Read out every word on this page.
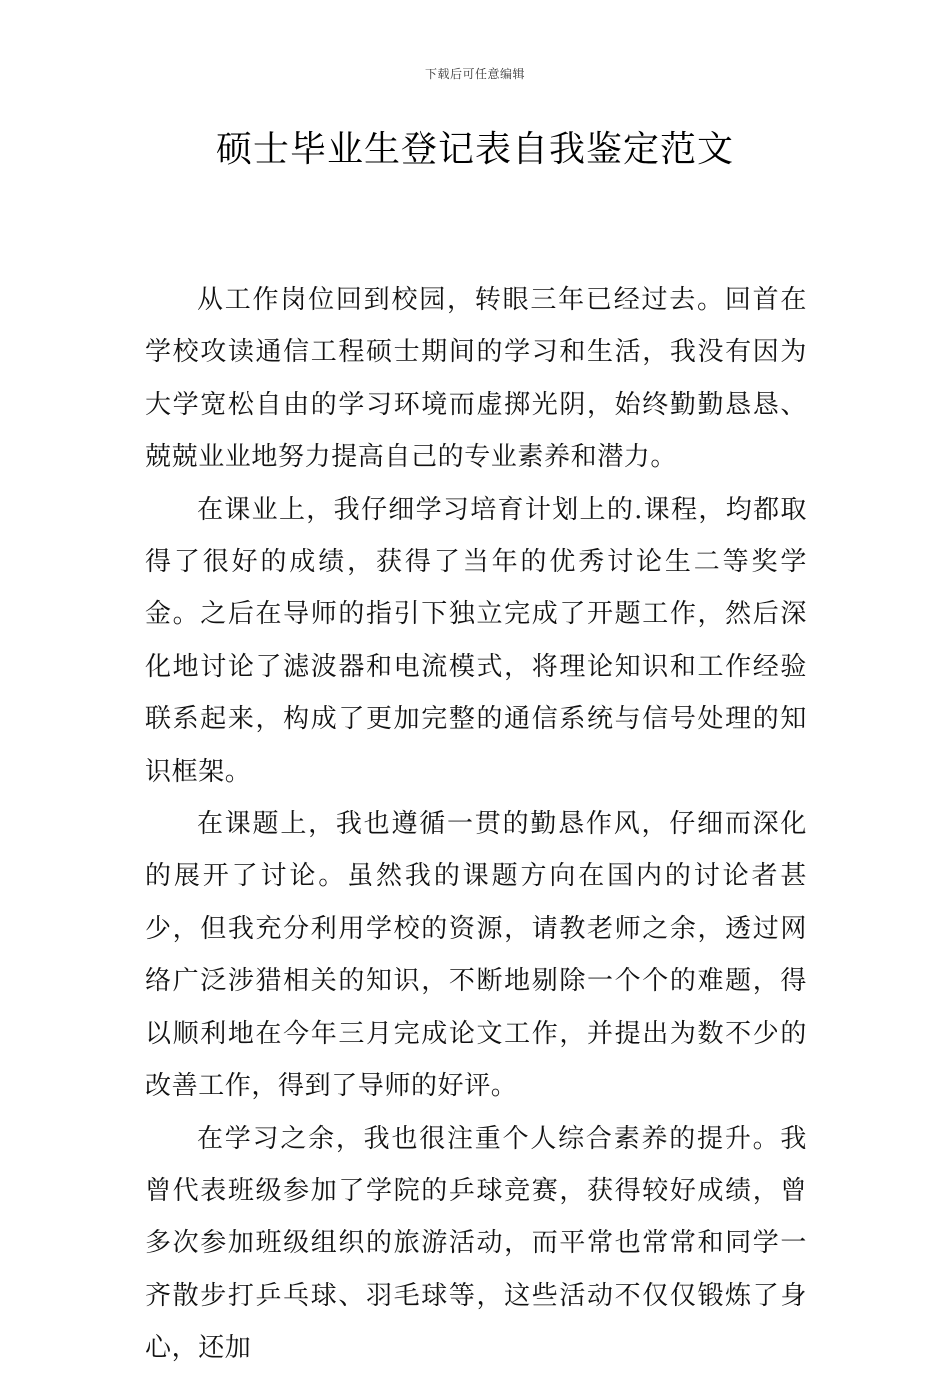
下载后可任意编辑
硕士毕业生登记表自我鉴定范文

从工作岗位回到校园，转眼三年已经过去。回首在学校攻读通信工程硕士期间的学习和生活，我没有因为大学宽松自由的学习环境而虚掷光阴，始终勤勤恳恳、兢兢业业地努力提高自己的专业素养和潜力。

在课业上，我仔细学习培育计划上的.课程，均都取得了很好的成绩，获得了当年的优秀讨论生二等奖学金。之后在导师的指引下独立完成了开题工作，然后深化地讨论了滤波器和电流模式，将理论知识和工作经验联系起来，构成了更加完整的通信系统与信号处理的知识框架。

在课题上，我也遵循一贯的勤恳作风，仔细而深化的展开了讨论。虽然我的课题方向在国内的讨论者甚少，但我充分利用学校的资源，请教老师之余，透过网络广泛涉猎相关的知识，不断地剔除一个个的难题，得以顺利地在今年三月完成论文工作，并提出为数不少的改善工作，得到了导师的好评。

在学习之余，我也很注重个人综合素养的提升。我曾代表班级参加了学院的乒球竞赛，获得较好成绩，曾多次参加班级组织的旅游活动，而平常也常常和同学一齐散步打乒乓球、羽毛球等，这些活动不仅仅锻炼了身心，还加
